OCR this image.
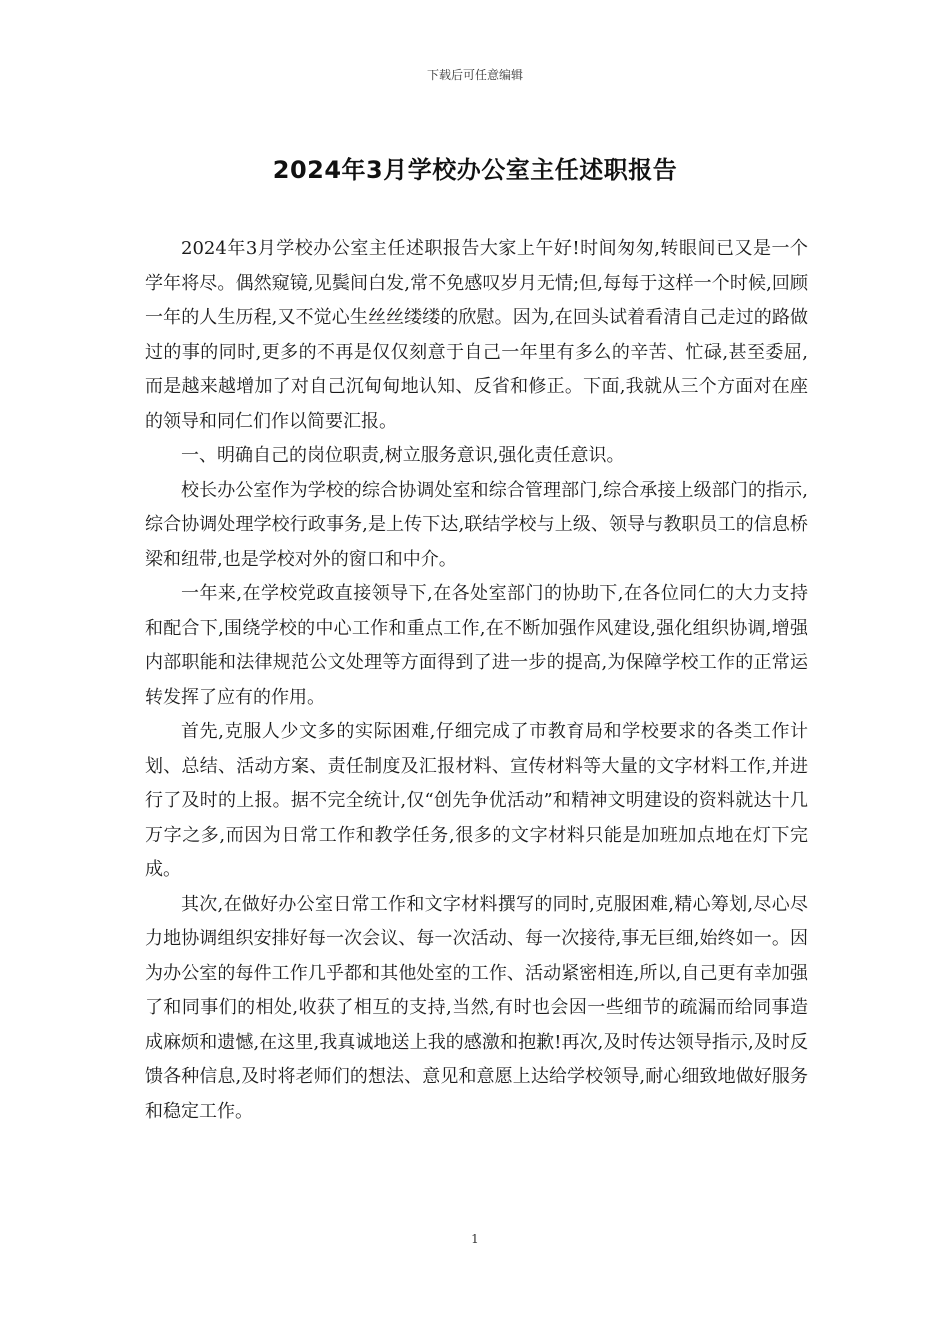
下载后可任意编辑
2024年3月学校办公室主任述职报告

2024年3月学校办公室主任述职报告大家上午好!时间匆匆,转眼间已又是一个学年将尽。偶然窥镜,见鬓间白发,常不免感叹岁月无情;但,每每于这样一个时候,回顾一年的人生历程,又不觉心生丝丝缕缕的欣慰。因为,在回头试着看清自己走过的路做过的事的同时,更多的不再是仅仅刻意于自己一年里有多么的辛苦、忙碌,甚至委屈,而是越来越增加了对自己沉甸甸地认知、反省和修正。下面,我就从三个方面对在座的领导和同仁们作以简要汇报。

一、明确自己的岗位职责,树立服务意识,强化责任意识。

校长办公室作为学校的综合协调处室和综合管理部门,综合承接上级部门的指示,综合协调处理学校行政事务,是上传下达,联结学校与上级、领导与教职员工的信息桥梁和纽带,也是学校对外的窗口和中介。

一年来,在学校党政直接领导下,在各处室部门的协助下,在各位同仁的大力支持和配合下,围绕学校的中心工作和重点工作,在不断加强作风建设,强化组织协调,增强内部职能和法律规范公文处理等方面得到了进一步的提高,为保障学校工作的正常运转发挥了应有的作用。

首先,克服人少文多的实际困难,仔细完成了市教育局和学校要求的各类工作计划、总结、活动方案、责任制度及汇报材料、宣传材料等大量的文字材料工作,并进行了及时的上报。据不完全统计,仅“创先争优活动”和精神文明建设的资料就达十几万字之多,而因为日常工作和教学任务,很多的文字材料只能是加班加点地在灯下完成。

其次,在做好办公室日常工作和文字材料撰写的同时,克服困难,精心筹划,尽心尽力地协调组织安排好每一次会议、每一次活动、每一次接待,事无巨细,始终如一。因为办公室的每件工作几乎都和其他处室的工作、活动紧密相连,所以,自己更有幸加强了和同事们的相处,收获了相互的支持,当然,有时也会因一些细节的疏漏而给同事造成麻烦和遗憾,在这里,我真诚地送上我的感激和抱歉!再次,及时传达领导指示,及时反馈各种信息,及时将老师们的想法、意见和意愿上达给学校领导,耐心细致地做好服务和稳定工作。

1
